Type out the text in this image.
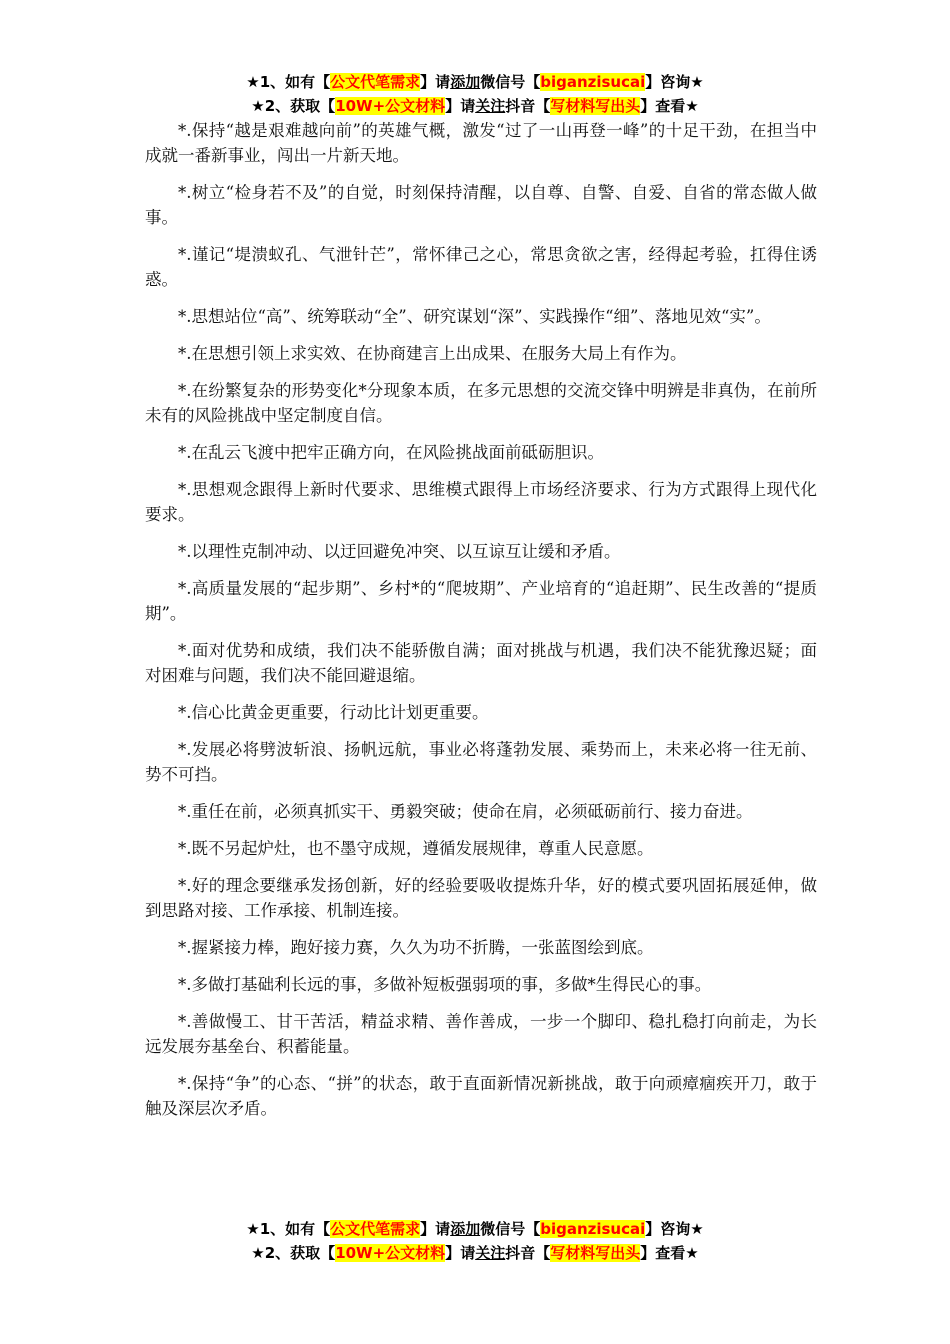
★1、如有【公文代笔需求】请添加微信号【biganzisucai】咨询★
★2、获取【10W+公文材料】请关注抖音【写材料写出头】查看★

*.保持“越是艰难越向前”的英雄气概，激发“过了一山再登一峰”的十足干劲，在担当中成就一番新事业，闯出一片新天地。

*.树立“检身若不及”的自觉，时刻保持清醒，以自尊、自警、自爱、自省的常态做人做事。

*.谨记“堤溃蚁孔、气泄针芒”，常怀律己之心，常思贪欲之害，经得起考验，扛得住诱惑。

*.思想站位“高”、统筹联动“全”、研究谋划“深”、实践操作“细”、落地见效“实”。

*.在思想引领上求实效、在协商建言上出成果、在服务大局上有作为。

*.在纷繁复杂的形势变化*分现象本质，在多元思想的交流交锋中明辨是非真伪，在前所未有的风险挑战中坚定制度自信。

*.在乱云飞渡中把牢正确方向，在风险挑战面前砥砺胆识。

*.思想观念跟得上新时代要求、思维模式跟得上市场经济要求、行为方式跟得上现代化要求。

*.以理性克制冲动、以迂回避免冲突、以互谅互让缓和矛盾。

*.高质量发展的“起步期”、乡村*的“爬坡期”、产业培育的“追赶期”、民生改善的“提质期”。

*.面对优势和成绩，我们决不能骄傲自满；面对挑战与机遇，我们决不能犹豫迟疑；面对困难与问题，我们决不能回避退缩。

*.信心比黄金更重要，行动比计划更重要。

*.发展必将劈波斩浪、扬帆远航，事业必将蓬勃发展、乘势而上，未来必将一往无前、势不可挡。

*.重任在前，必须真抓实干、勇毅突破；使命在肩，必须砥砺前行、接力奋进。

*.既不另起炉灶，也不墨守成规，遵循发展规律，尊重人民意愿。

*.好的理念要继承发扬创新，好的经验要吸收提炼升华，好的模式要巩固拓展延伸，做到思路对接、工作承接、机制连接。

*.握紧接力棒，跑好接力赛，久久为功不折腾，一张蓝图绘到底。

*.多做打基础利长远的事，多做补短板强弱项的事，多做*生得民心的事。

*.善做慢工、甘干苦活，精益求精、善作善成，一步一个脚印、稳扎稳打向前走，为长远发展夯基垒台、积蓄能量。

*.保持“争”的心态、“拼”的状态，敢于直面新情况新挑战，敢于向顽瘴痼疾开刀，敢于触及深层次矛盾。

★1、如有【公文代笔需求】请添加微信号【biganzisucai】咨询★
★2、获取【10W+公文材料】请关注抖音【写材料写出头】查看★
